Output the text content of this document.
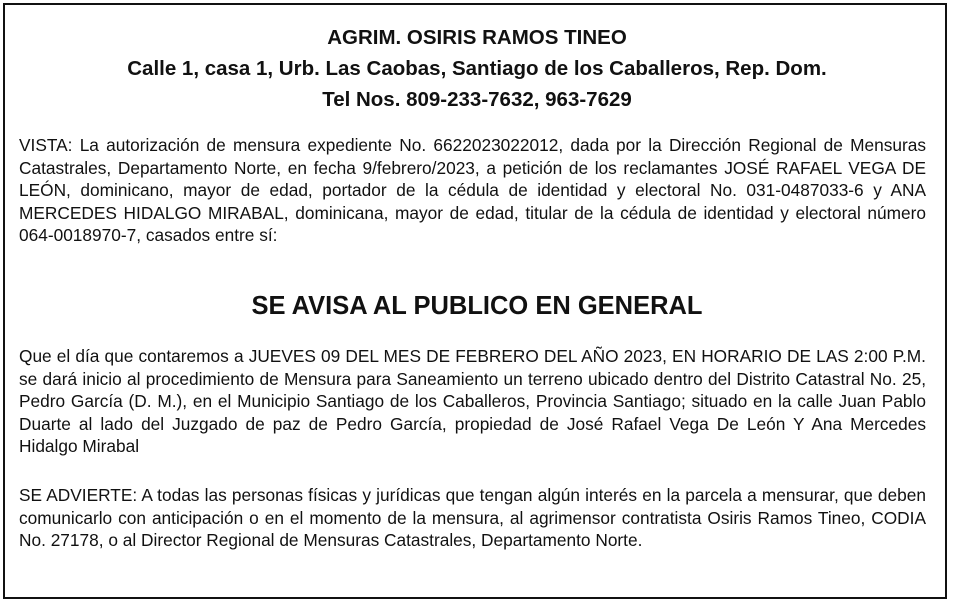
AGRIM. OSIRIS RAMOS TINEO
Calle 1, casa 1, Urb. Las Caobas, Santiago de los Caballeros, Rep. Dom.
Tel Nos. 809-233-7632, 963-7629
VISTA: La autorización de mensura expediente No. 6622023022012, dada por la Dirección Regional de Mensuras Catastrales, Departamento Norte, en fecha 9/febrero/2023, a petición de los reclamantes JOSÉ RAFAEL VEGA DE LEÓN, dominicano, mayor de edad, portador de la cédula de identidad y electoral No. 031-0487033-6 y ANA MERCEDES HIDALGO MIRABAL, dominicana, mayor de edad, titular de la cédula de identidad y electoral número 064-0018970-7, casados entre sí:
SE AVISA AL PUBLICO EN GENERAL
Que el día que contaremos a JUEVES 09 DEL MES DE FEBRERO DEL AÑO 2023, EN HORARIO DE LAS 2:00 P.M. se dará inicio al procedimiento de Mensura para Saneamiento un terreno ubicado dentro del Distrito Catastral No. 25, Pedro García (D. M.), en el Municipio Santiago de los Caballeros, Provincia Santiago; situado en la calle Juan Pablo Duarte al lado del Juzgado de paz de Pedro García, propiedad de José Rafael Vega De León Y Ana Mercedes Hidalgo Mirabal
SE ADVIERTE: A todas las personas físicas y jurídicas que tengan algún interés en la parcela a mensurar, que deben comunicarlo con anticipación o en el momento de la mensura, al agrimensor contratista Osiris Ramos Tineo, CODIA No. 27178, o al Director Regional de Mensuras Catastrales, Departamento Norte.
